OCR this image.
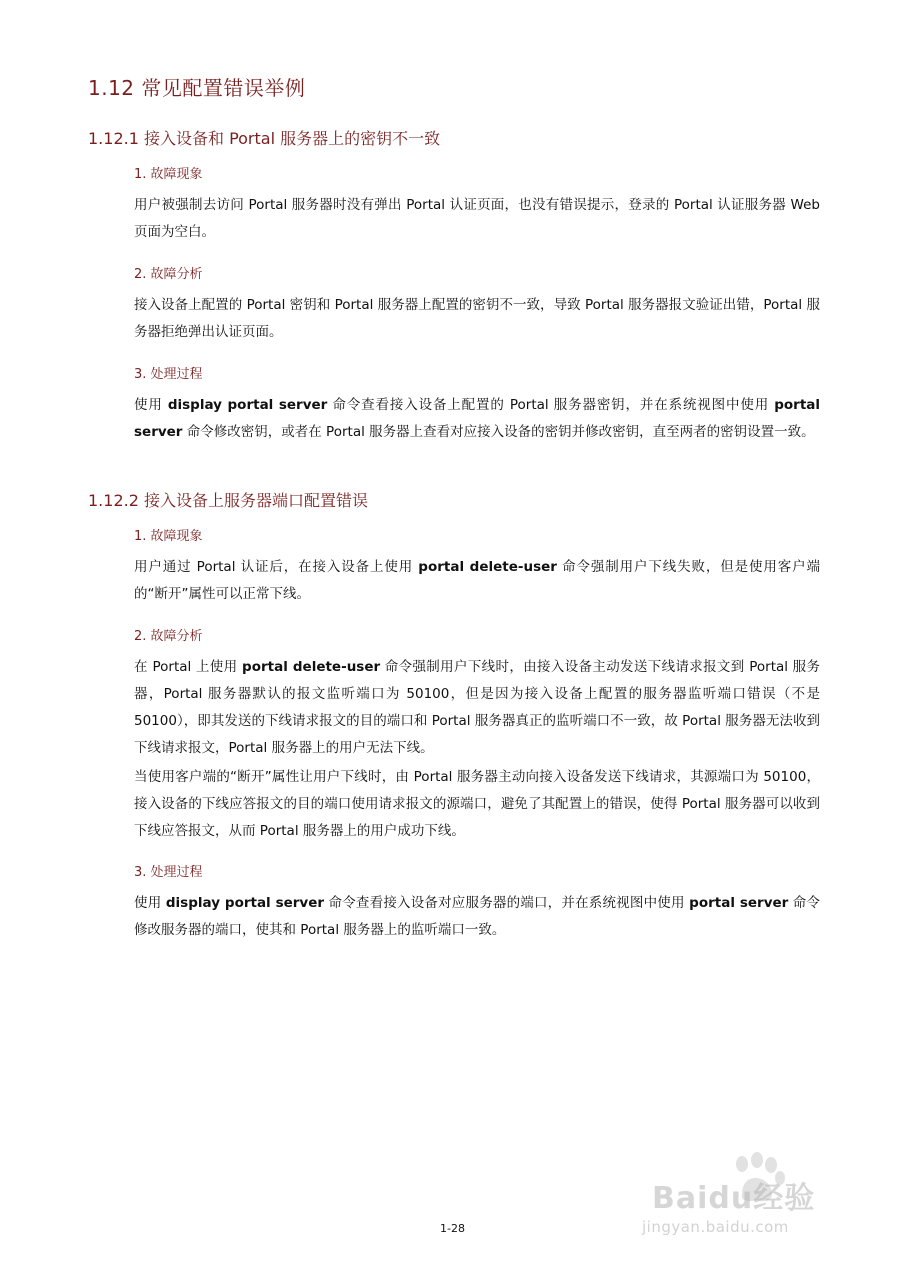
1.12 常见配置错误举例
1.12.1 接入设备和 Portal 服务器上的密钥不一致
1. 故障现象
用户被强制去访问 Portal 服务器时没有弹出 Portal 认证页面，也没有错误提示，登录的 Portal 认证服务器 Web 页面为空白。
2. 故障分析
接入设备上配置的 Portal 密钥和 Portal 服务器上配置的密钥不一致，导致 Portal 服务器报文验证出错，Portal 服务器拒绝弹出认证页面。
3. 处理过程
使用 display portal server 命令查看接入设备上配置的 Portal 服务器密钥，并在系统视图中使用 portal server 命令修改密钥，或者在 Portal 服务器上查看对应接入设备的密钥并修改密钥，直至两者的密钥设置一致。
1.12.2 接入设备上服务器端口配置错误
1. 故障现象
用户通过 Portal 认证后，在接入设备上使用 portal delete-user 命令强制用户下线失败，但是使用客户端的“断开”属性可以正常下线。
2. 故障分析
在 Portal 上使用 portal delete-user 命令强制用户下线时，由接入设备主动发送下线请求报文到 Portal 服务器，Portal 服务器默认的报文监听端口为 50100，但是因为接入设备上配置的服务器监听端口错误（不是 50100），即其发送的下线请求报文的目的端口和 Portal 服务器真正的监听端口不一致，故 Portal 服务器无法收到下线请求报文，Portal 服务器上的用户无法下线。
当使用客户端的“断开”属性让用户下线时，由 Portal 服务器主动向接入设备发送下线请求，其源端口为 50100，接入设备的下线应答报文的目的端口使用请求报文的源端口，避免了其配置上的错误，使得 Portal 服务器可以收到下线应答报文，从而 Portal 服务器上的用户成功下线。
3. 处理过程
使用 display portal server 命令查看接入设备对应服务器的端口，并在系统视图中使用 portal server 命令修改服务器的端口，使其和 Portal 服务器上的监听端口一致。
Baidu经验
jingyan.baidu.com
1-28
